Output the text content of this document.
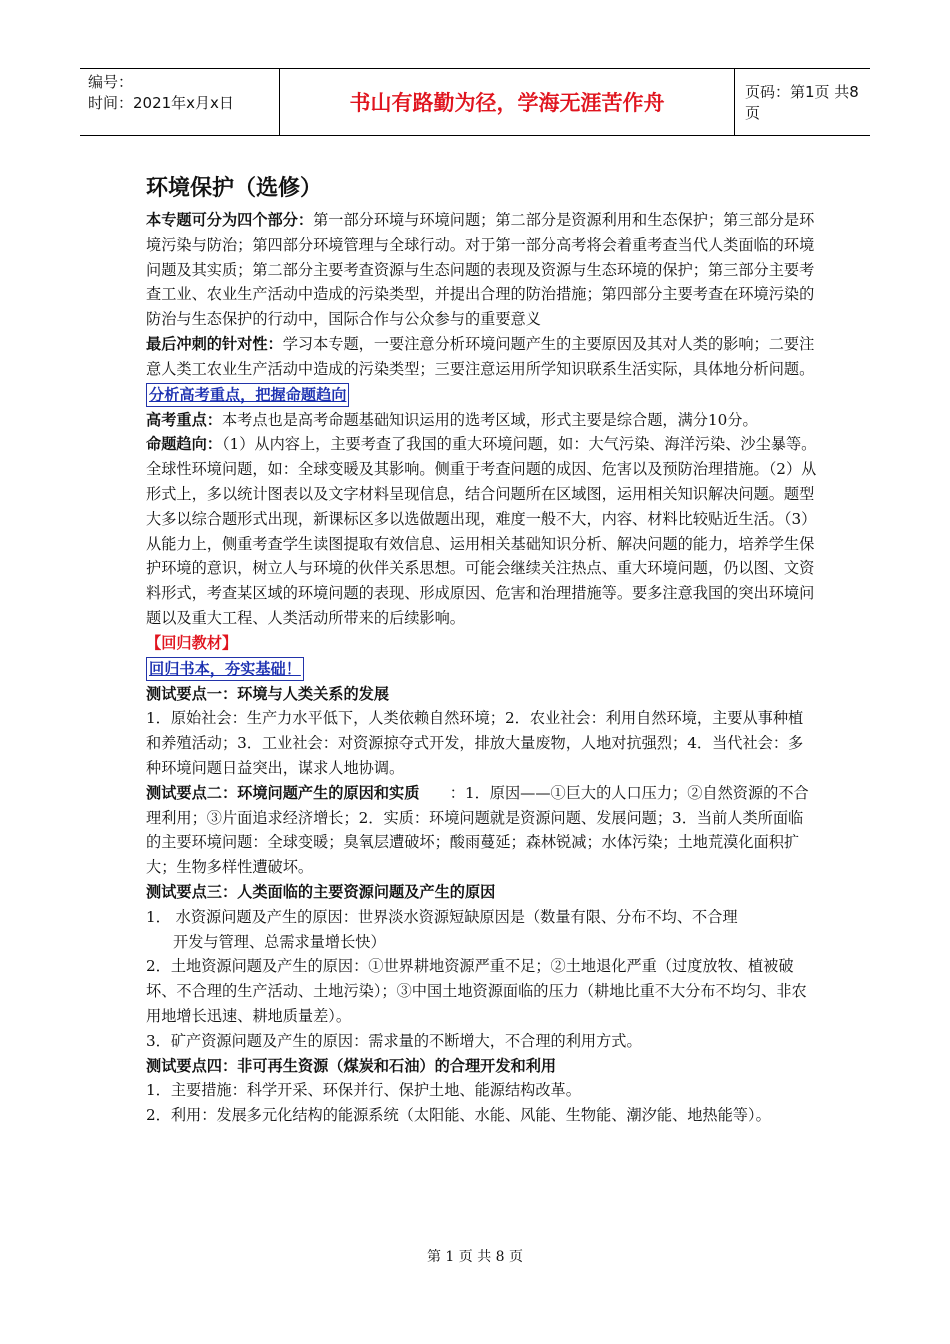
编号：
时间：2021年x月x日	书山有路勤为径，学海无涯苦作舟	页码：第1页 共8页
环境保护（选修）

本专题可分为四个部分：第一部分环境与环境问题；第二部分是资源利用和生态保护；第三部分是环境污染与防治；第四部分环境管理与全球行动。对于第一部分高考将会着重考查当代人类面临的环境问题及其实质；第二部分主要考查资源与生态问题的表现及资源与生态环境的保护；第三部分主要考查工业、农业生产活动中造成的污染类型，并提出合理的防治措施；第四部分主要考查在环境污染的防治与生态保护的行动中，国际合作与公众参与的重要意义

最后冲刺的针对性：学习本专题，一要注意分析环境问题产生的主要原因及其对人类的影响；二要注意人类工农业生产活动中造成的污染类型；三要注意运用所学知识联系生活实际，具体地分析问题。

分析高考重点，把握命题趋向

高考重点：本考点也是高考命题基础知识运用的选考区域，形式主要是综合题，满分10分。

命题趋向：（1）从内容上，主要考查了我国的重大环境问题，如：大气污染、海洋污染、沙尘暴等。全球性环境问题，如：全球变暖及其影响。侧重于考查问题的成因、危害以及预防治理措施。（2）从形式上，多以统计图表以及文字材料呈现信息，结合问题所在区域图，运用相关知识解决问题。题型大多以综合题形式出现，新课标区多以选做题出现，难度一般不大，内容、材料比较贴近生活。（3）从能力上，侧重考查学生读图提取有效信息、运用相关基础知识分析、解决问题的能力，培养学生保护环境的意识，树立人与环境的伙伴关系思想。可能会继续关注热点、重大环境问题，仍以图、文资料形式，考查某区域的环境问题的表现、形成原因、危害和治理措施等。要多注意我国的突出环境问题以及重大工程、人类活动所带来的后续影响。

【回归教材】
回归书本，夯实基础！

测试要点一：环境与人类关系的发展

1．原始社会：生产力水平低下，人类依赖自然环境；2．农业社会：利用自然环境，主要从事种植和养殖活动；3．工业社会：对资源掠夺式开发，排放大量废物，人地对抗强烈；4．当代社会：多种环境问题日益突出，谋求人地协调。

测试要点二：环境问题产生的原因和实质　　：1．原因——①巨大的人口压力；②自然资源的不合理利用；③片面追求经济增长；2．实质：环境问题就是资源问题、发展问题；3．当前人类所面临的主要环境问题：全球变暖；臭氧层遭破坏；酸雨蔓延；森林锐减；水体污染；土地荒漠化面积扩大；生物多样性遭破坏。

测试要点三：人类面临的主要资源问题及产生的原因

1． 水资源问题及产生的原因：世界淡水资源短缺原因是（数量有限、分布不均、不合理

开发与管理、总需求量增长快）

2．土地资源问题及产生的原因：①世界耕地资源严重不足；②土地退化严重（过度放牧、植被破坏、不合理的生产活动、土地污染）；③中国土地资源面临的压力（耕地比重不大分布不均匀、非农用地增长迅速、耕地质量差）。

3．矿产资源问题及产生的原因：需求量的不断增大，不合理的利用方式。

测试要点四：非可再生资源（煤炭和石油）的合理开发和利用

1．主要措施：科学开采、环保并行、保护土地、能源结构改革。

2．利用：发展多元化结构的能源系统（太阳能、水能、风能、生物能、潮汐能、地热能等）。

第 1 页 共 8 页
